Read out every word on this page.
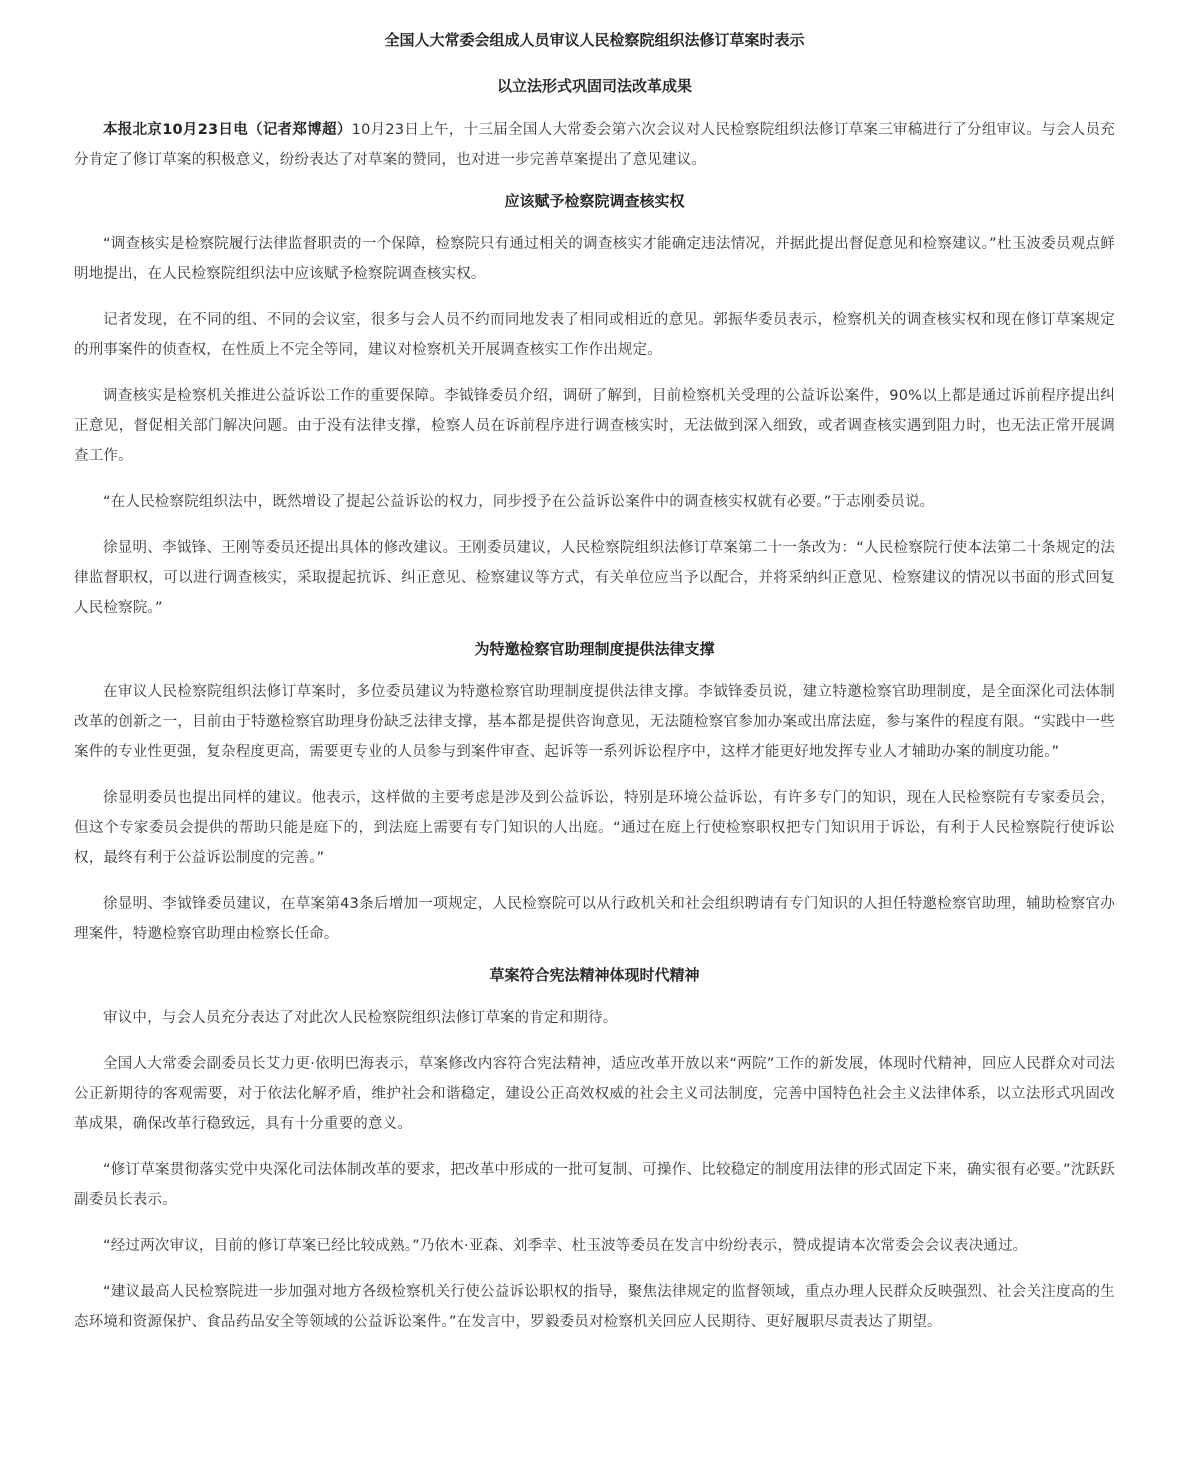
全国人大常委会组成人员审议人民检察院组织法修订草案时表示
以立法形式巩固司法改革成果

本报北京10月23日电（记者郑博超）10月23日上午，十三届全国人大常委会第六次会议对人民检察院组织法修订草案三审稿进行了分组审议。与会人员充分肯定了修订草案的积极意义，纷纷表达了对草案的赞同，也对进一步完善草案提出了意见建议。

应该赋予检察院调查核实权

“调查核实是检察院履行法律监督职责的一个保障，检察院只有通过相关的调查核实才能确定违法情况，并据此提出督促意见和检察建议。”杜玉波委员观点鲜明地提出，在人民检察院组织法中应该赋予检察院调查核实权。

记者发现，在不同的组、不同的会议室，很多与会人员不约而同地发表了相同或相近的意见。郭振华委员表示，检察机关的调查核实权和现在修订草案规定的刑事案件的侦查权，在性质上不完全等同，建议对检察机关开展调查核实工作作出规定。

调查核实是检察机关推进公益诉讼工作的重要保障。李钺锋委员介绍，调研了解到，目前检察机关受理的公益诉讼案件，90%以上都是通过诉前程序提出纠正意见，督促相关部门解决问题。由于没有法律支撑，检察人员在诉前程序进行调查核实时，无法做到深入细致，或者调查核实遇到阻力时，也无法正常开展调查工作。

“在人民检察院组织法中，既然增设了提起公益诉讼的权力，同步授予在公益诉讼案件中的调查核实权就有必要。”于志刚委员说。

徐显明、李钺锋、王刚等委员还提出具体的修改建议。王刚委员建议，人民检察院组织法修订草案第二十一条改为：“人民检察院行使本法第二十条规定的法律监督职权，可以进行调查核实，采取提起抗诉、纠正意见、检察建议等方式，有关单位应当予以配合，并将采纳纠正意见、检察建议的情况以书面的形式回复人民检察院。”

为特邀检察官助理制度提供法律支撑

在审议人民检察院组织法修订草案时，多位委员建议为特邀检察官助理制度提供法律支撑。李钺锋委员说，建立特邀检察官助理制度，是全面深化司法体制改革的创新之一，目前由于特邀检察官助理身份缺乏法律支撑，基本都是提供咨询意见，无法随检察官参加办案或出席法庭，参与案件的程度有限。“实践中一些案件的专业性更强，复杂程度更高，需要更专业的人员参与到案件审查、起诉等一系列诉讼程序中，这样才能更好地发挥专业人才辅助办案的制度功能。”

徐显明委员也提出同样的建议。他表示，这样做的主要考虑是涉及到公益诉讼，特别是环境公益诉讼，有许多专门的知识，现在人民检察院有专家委员会，但这个专家委员会提供的帮助只能是庭下的，到法庭上需要有专门知识的人出庭。“通过在庭上行使检察职权把专门知识用于诉讼，有利于人民检察院行使诉讼权，最终有利于公益诉讼制度的完善。”

徐显明、李钺锋委员建议，在草案第43条后增加一项规定，人民检察院可以从行政机关和社会组织聘请有专门知识的人担任特邀检察官助理，辅助检察官办理案件，特邀检察官助理由检察长任命。

草案符合宪法精神体现时代精神

审议中，与会人员充分表达了对此次人民检察院组织法修订草案的肯定和期待。

全国人大常委会副委员长艾力更·依明巴海表示，草案修改内容符合宪法精神，适应改革开放以来“两院”工作的新发展，体现时代精神，回应人民群众对司法公正新期待的客观需要，对于依法化解矛盾，维护社会和谐稳定，建设公正高效权威的社会主义司法制度，完善中国特色社会主义法律体系，以立法形式巩固改革成果，确保改革行稳致远，具有十分重要的意义。

“修订草案贯彻落实党中央深化司法体制改革的要求，把改革中形成的一批可复制、可操作、比较稳定的制度用法律的形式固定下来，确实很有必要。”沈跃跃副委员长表示。

“经过两次审议，目前的修订草案已经比较成熟。”乃依木·亚森、刘季幸、杜玉波等委员在发言中纷纷表示，赞成提请本次常委会会议表决通过。

“建议最高人民检察院进一步加强对地方各级检察机关行使公益诉讼职权的指导，聚焦法律规定的监督领域，重点办理人民群众反映强烈、社会关注度高的生态环境和资源保护、食品药品安全等领域的公益诉讼案件。”在发言中，罗毅委员对检察机关回应人民期待、更好履职尽责表达了期望。
